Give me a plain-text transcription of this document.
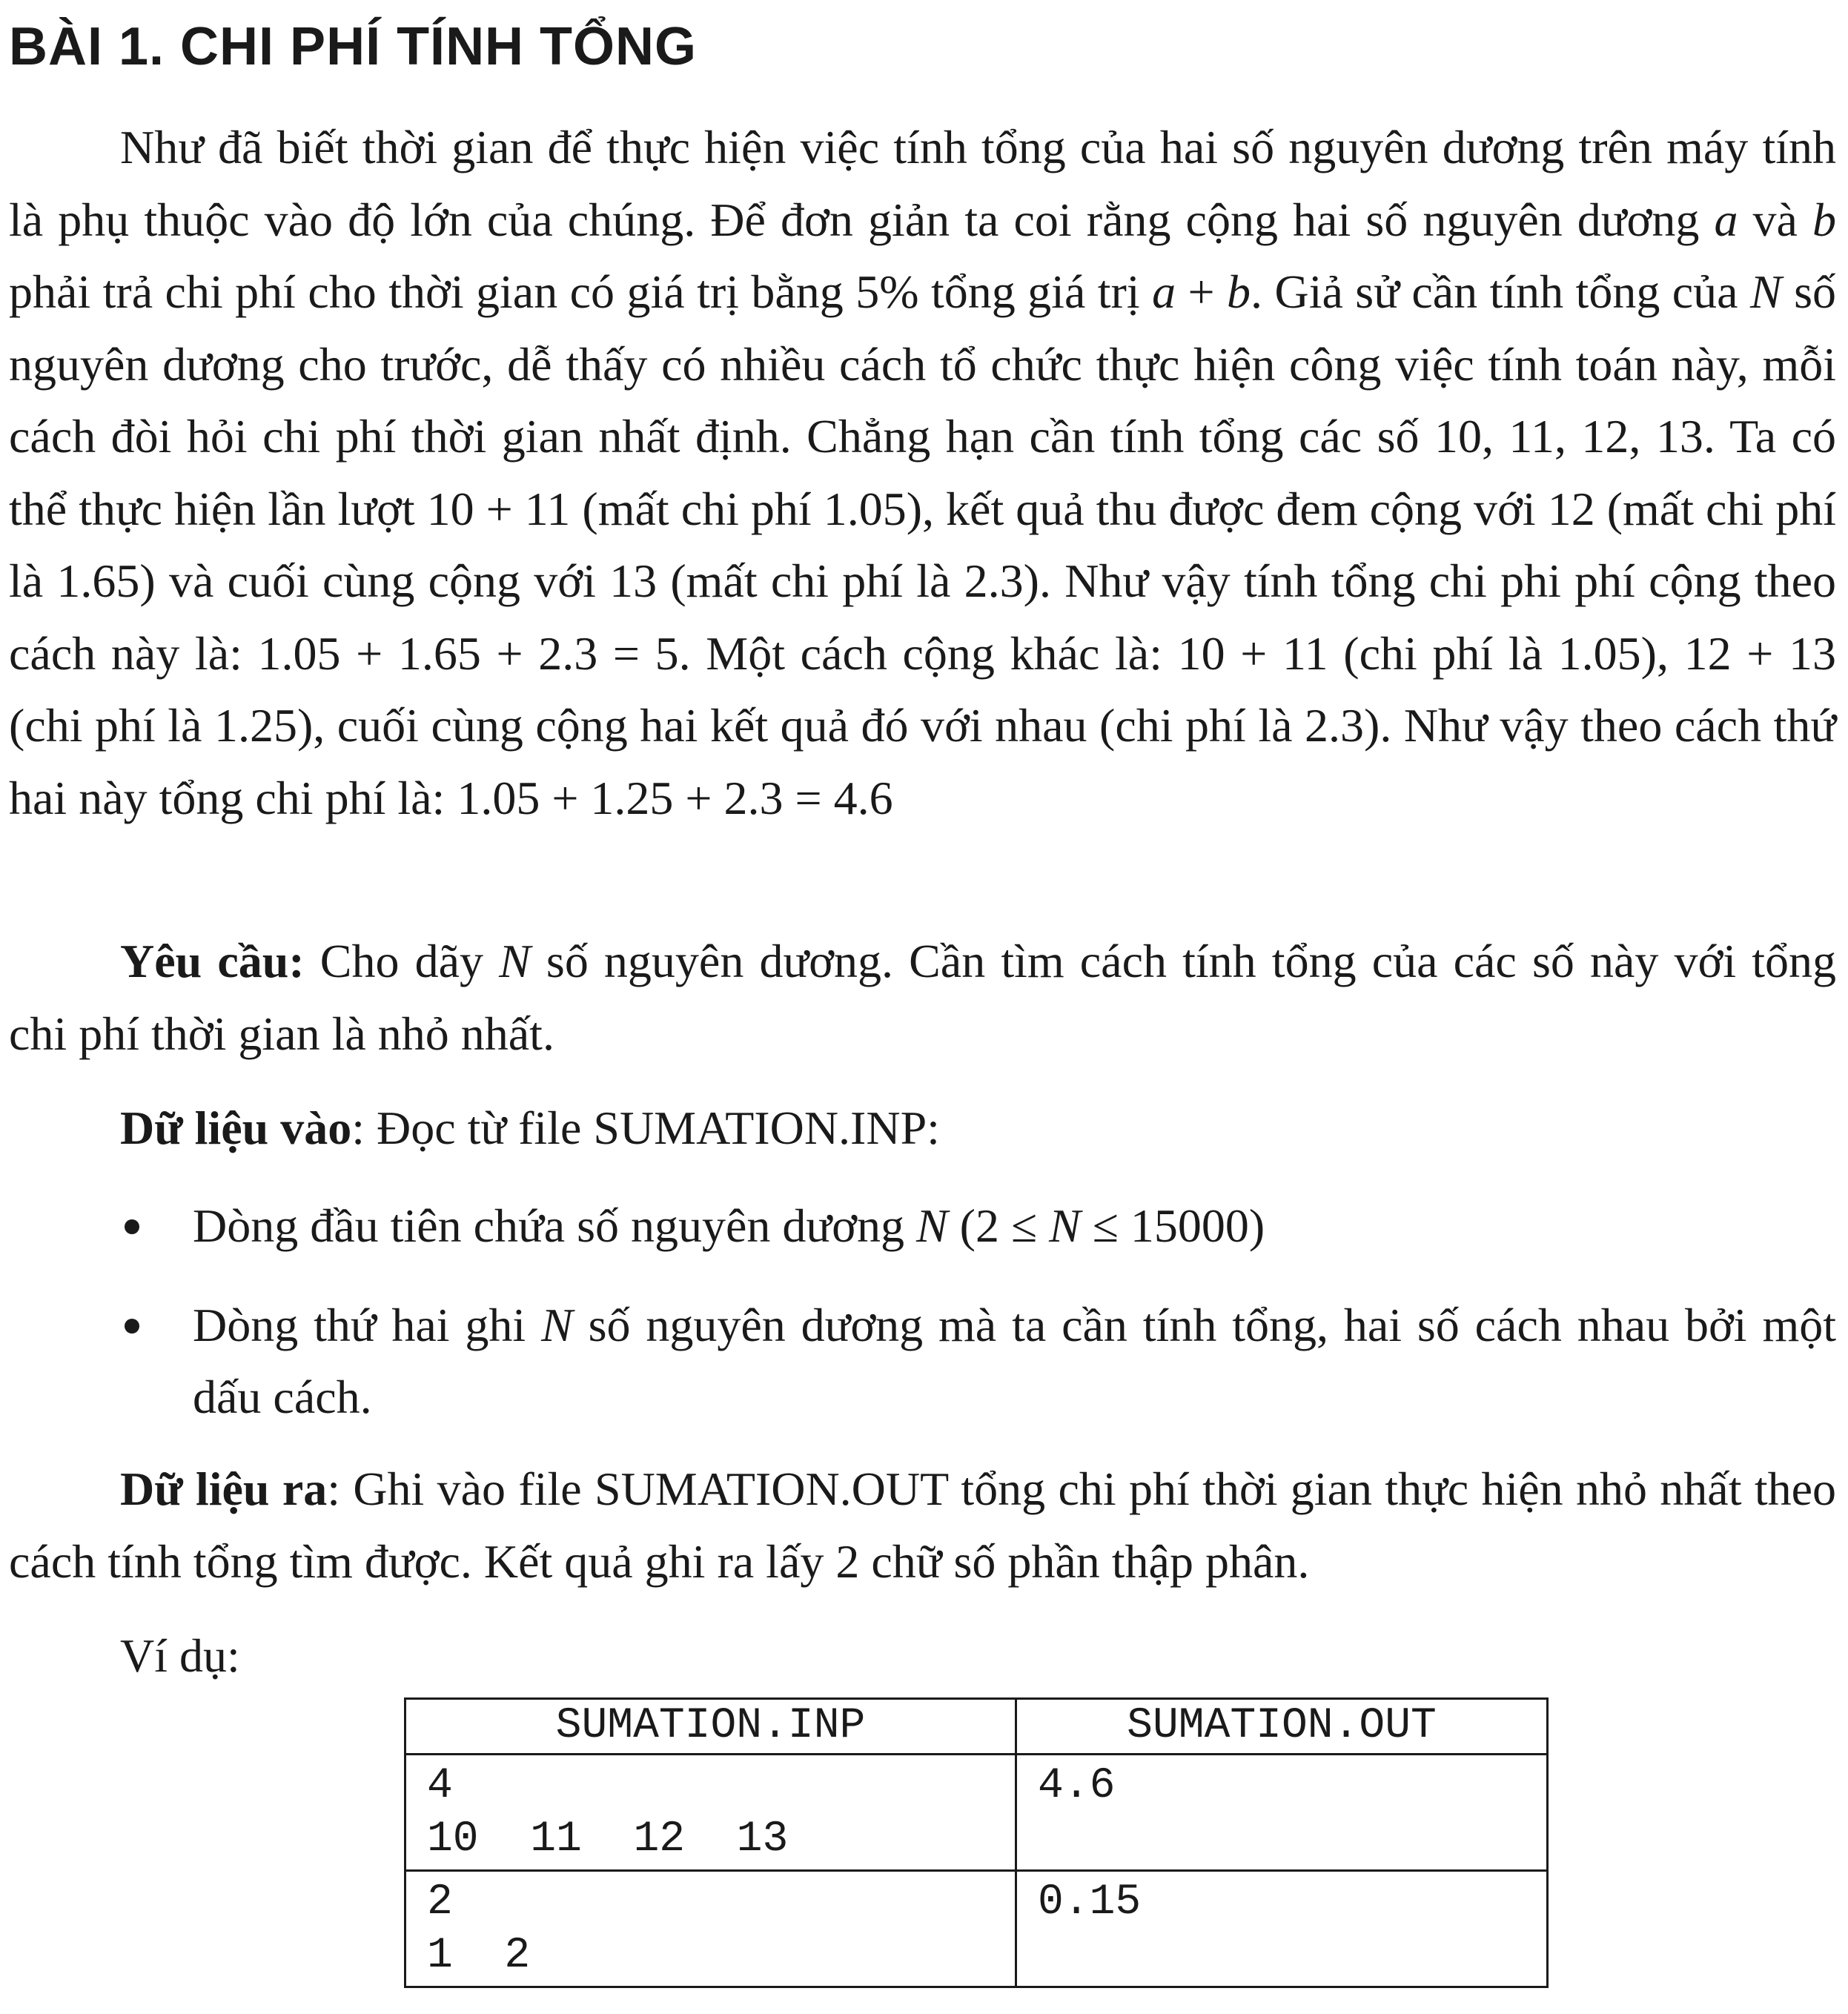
BÀI 1. CHI PHÍ TÍNH TỔNG

Như đã biết thời gian để thực hiện việc tính tổng của hai số nguyên dương trên máy tính là phụ thuộc vào độ lớn của chúng. Để đơn giản ta coi rằng cộng hai số nguyên dương a và b phải trả chi phí cho thời gian có giá trị bằng 5% tổng giá trị a + b. Giả sử cần tính tổng của N số nguyên dương cho trước, dễ thấy có nhiều cách tổ chức thực hiện công việc tính toán này, mỗi cách đòi hỏi chi phí thời gian nhất định. Chẳng hạn cần tính tổng các số 10, 11, 12, 13. Ta có thể thực hiện lần lượt 10 + 11 (mất chi phí 1.05), kết quả thu được đem cộng với 12 (mất chi phí là 1.65) và cuối cùng cộng với 13 (mất chi phí là 2.3). Như vậy tính tổng chi phi phí cộng theo cách này là: 1.05 + 1.65 + 2.3 = 5. Một cách cộng khác là: 10 + 11 (chi phí là 1.05), 12 + 13 (chi phí là 1.25), cuối cùng cộng hai kết quả đó với nhau (chi phí là 2.3). Như vậy theo cách thứ hai này tổng chi phí là: 1.05 + 1.25 + 2.3 = 4.6

Yêu cầu: Cho dãy N số nguyên dương. Cần tìm cách tính tổng của các số này với tổng chi phí thời gian là nhỏ nhất.

Dữ liệu vào: Đọc từ file SUMATION.INP:

Dòng đầu tiên chứa số nguyên dương N (2 ≤ N ≤ 15000)
Dòng thứ hai ghi N số nguyên dương mà ta cần tính tổng, hai số cách nhau bởi một dấu cách.

Dữ liệu ra: Ghi vào file SUMATION.OUT tổng chi phí thời gian thực hiện nhỏ nhất theo cách tính tổng tìm được. Kết quả ghi ra lấy 2 chữ số phần thập phân.

Ví dụ:

SUMATION.INP	SUMATION.OUT
4
10  11  12  13	4.6
2
1  2	0.15
